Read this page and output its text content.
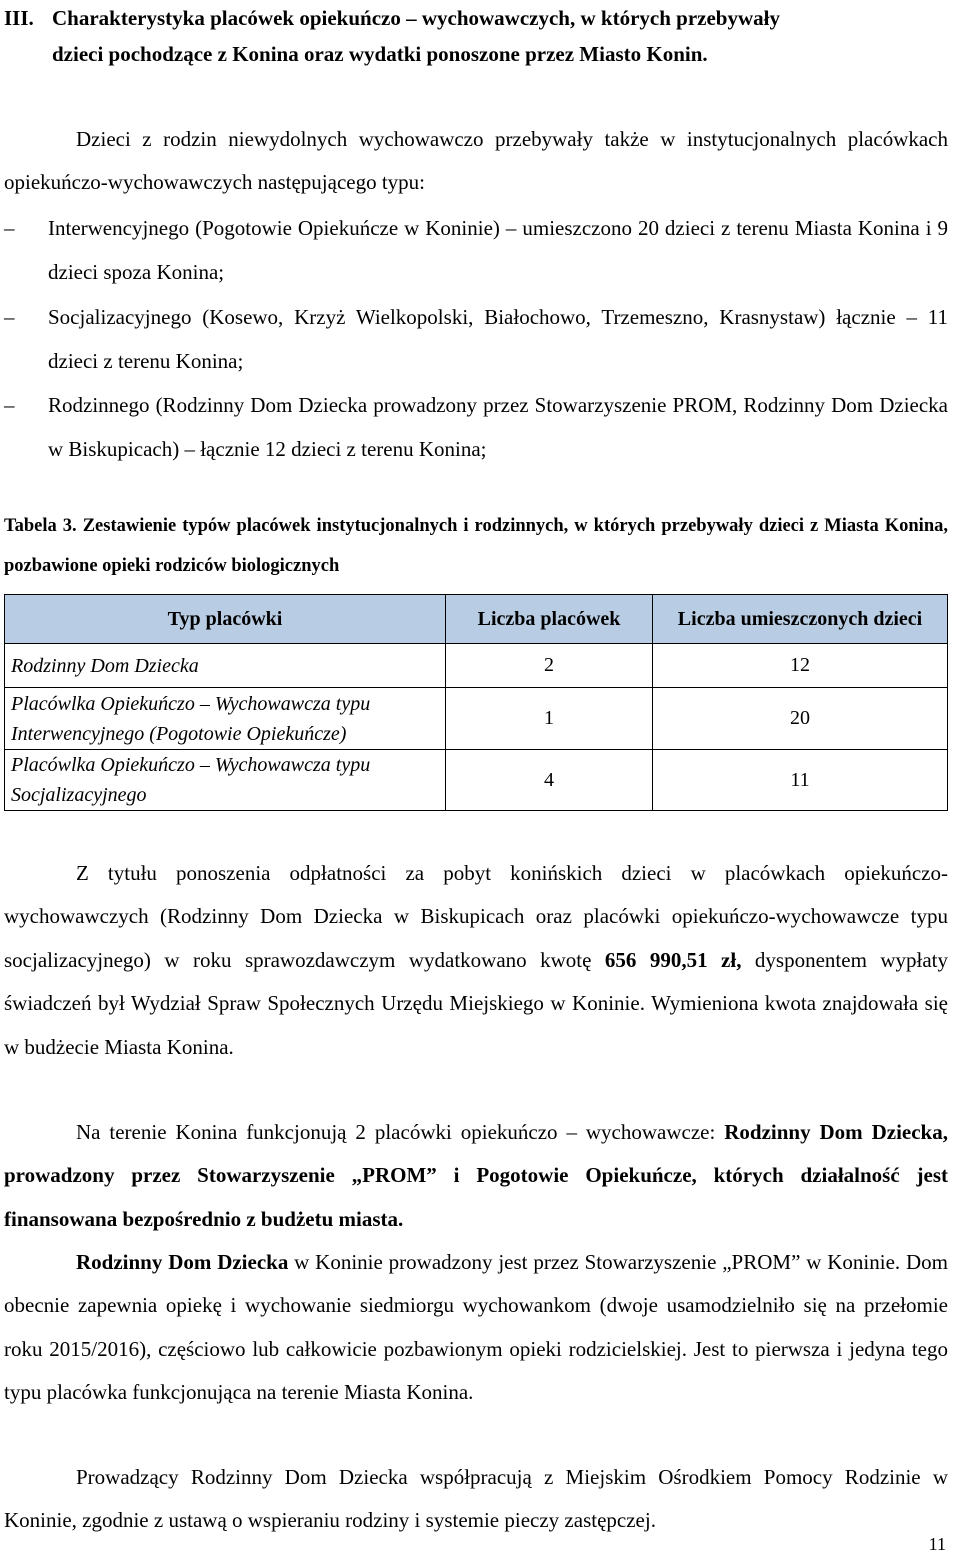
III. Charakterystyka placówek opiekuńczo – wychowawczych, w których przebywały
dzieci pochodzące z Konina oraz wydatki ponoszone przez Miasto Konin.
Dzieci z rodzin niewydolnych wychowawczo przebywały także w instytucjonalnych placówkach opiekuńczo-wychowawczych następującego typu:
–	Interwencyjnego (Pogotowie Opiekuńcze w Koninie) – umieszczono 20 dzieci z terenu Miasta Konina i 9 dzieci spoza Konina;
–	Socjalizacyjnego (Kosewo, Krzyż Wielkopolski, Białochowo, Trzemeszno, Krasnystaw) łącznie – 11 dzieci z terenu Konina;
–	Rodzinnego (Rodzinny Dom Dziecka prowadzony przez Stowarzyszenie PROM, Rodzinny Dom Dziecka w Biskupicach) – łącznie 12 dzieci z terenu Konina;
Tabela 3. Zestawienie typów placówek instytucjonalnych i rodzinnych, w których przebywały dzieci z Miasta Konina, pozbawione opieki rodziców biologicznych
Typ placówki	Liczba placówek	Liczba umieszczonych dzieci
Rodzinny Dom Dziecka	2	12

Placówlka Opiekuńczo – Wychowawcza typu
Interwencyjnego (Pogotowie Opiekuńcze)	1	20

Placówlka Opiekuńczo – Wychowawcza typu
Socjalizacyjnego	4	11
Z tytułu ponoszenia odpłatności za pobyt konińskich dzieci w placówkach opiekuńczo-wychowawczych (Rodzinny Dom Dziecka w Biskupicach oraz placówki opiekuńczo-wychowawcze typu socjalizacyjnego) w roku sprawozdawczym wydatkowano kwotę 656 990,51 zł, dysponentem wypłaty świadczeń był Wydział Spraw Społecznych Urzędu Miejskiego w Koninie. Wymieniona kwota znajdowała się w budżecie Miasta Konina.
Na terenie Konina funkcjonują 2 placówki opiekuńczo – wychowawcze: Rodzinny Dom Dziecka, prowadzony przez Stowarzyszenie „PROM” i Pogotowie Opiekuńcze, których działalność jest finansowana bezpośrednio z budżetu miasta.
Rodzinny Dom Dziecka w Koninie prowadzony jest przez Stowarzyszenie „PROM” w Koninie. Dom obecnie zapewnia opiekę i wychowanie siedmiorgu wychowankom (dwoje usamodzielniło się na przełomie roku 2015/2016), częściowo lub całkowicie pozbawionym opieki rodzicielskiej. Jest to pierwsza i jedyna tego typu placówka funkcjonująca na terenie Miasta Konina.
Prowadzący Rodzinny Dom Dziecka współpracują z Miejskim Ośrodkiem Pomocy Rodzinie w Koninie, zgodnie z ustawą o wspieraniu rodziny i systemie pieczy zastępczej.
11
